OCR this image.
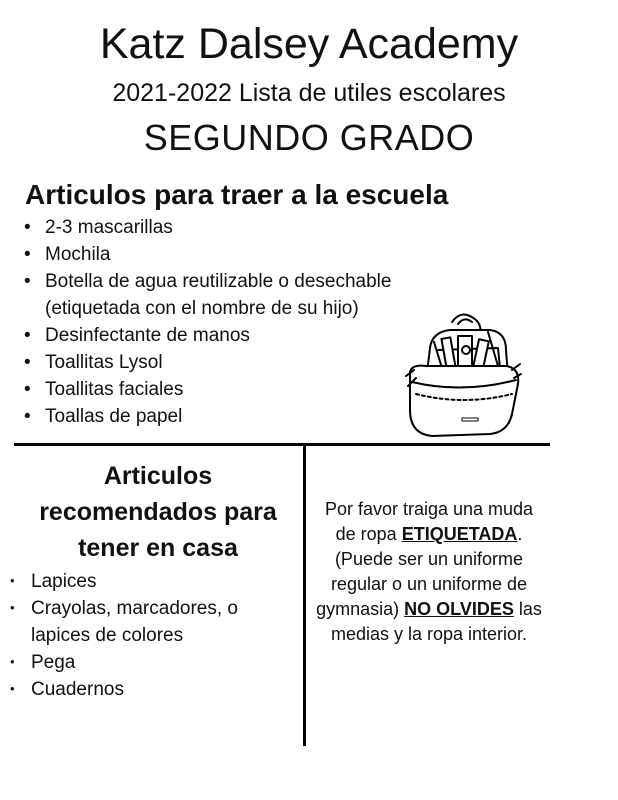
Katz Dalsey Academy
2021-2022 Lista de utiles escolares
SEGUNDO GRADO
Articulos para traer a la escuela
• 2-3 mascarillas
• Mochila
• Botella de agua reutilizable o desechable (etiquetada con el nombre de su hijo)
• Desinfectante de manos
• Toallitas Lysol
• Toallitas faciales
• Toallas de papel
Articulos recomendados para tener en casa
• Lapices
• Crayolas, marcadores, o lapices de colores
• Pega
• Cuadernos
Por favor traiga una muda de ropa ETIQUETADA. (Puede ser un uniforme regular o un uniforme de gymnasia) NO OLVIDES las medias y la ropa interior.
